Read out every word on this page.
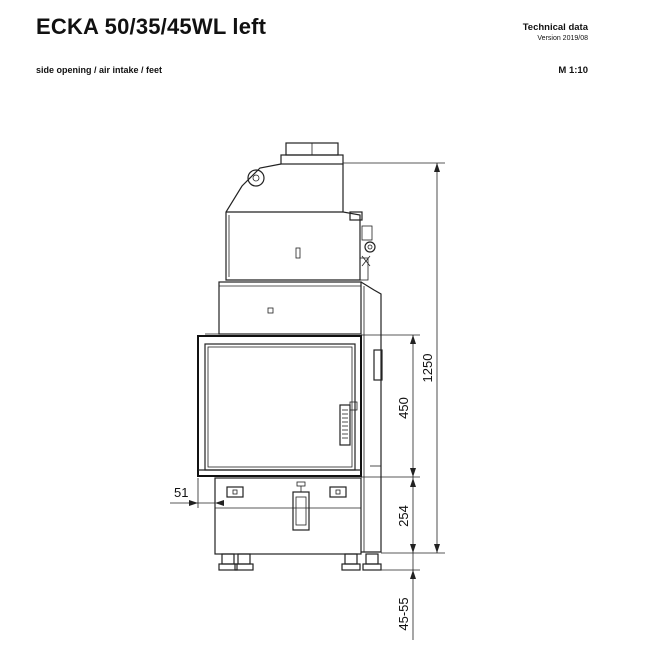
ECKA 50/35/45WL left
side opening / air intake / feet
Technical data
Version 2019/08
M 1:10
1250
450
254
45-55
51
